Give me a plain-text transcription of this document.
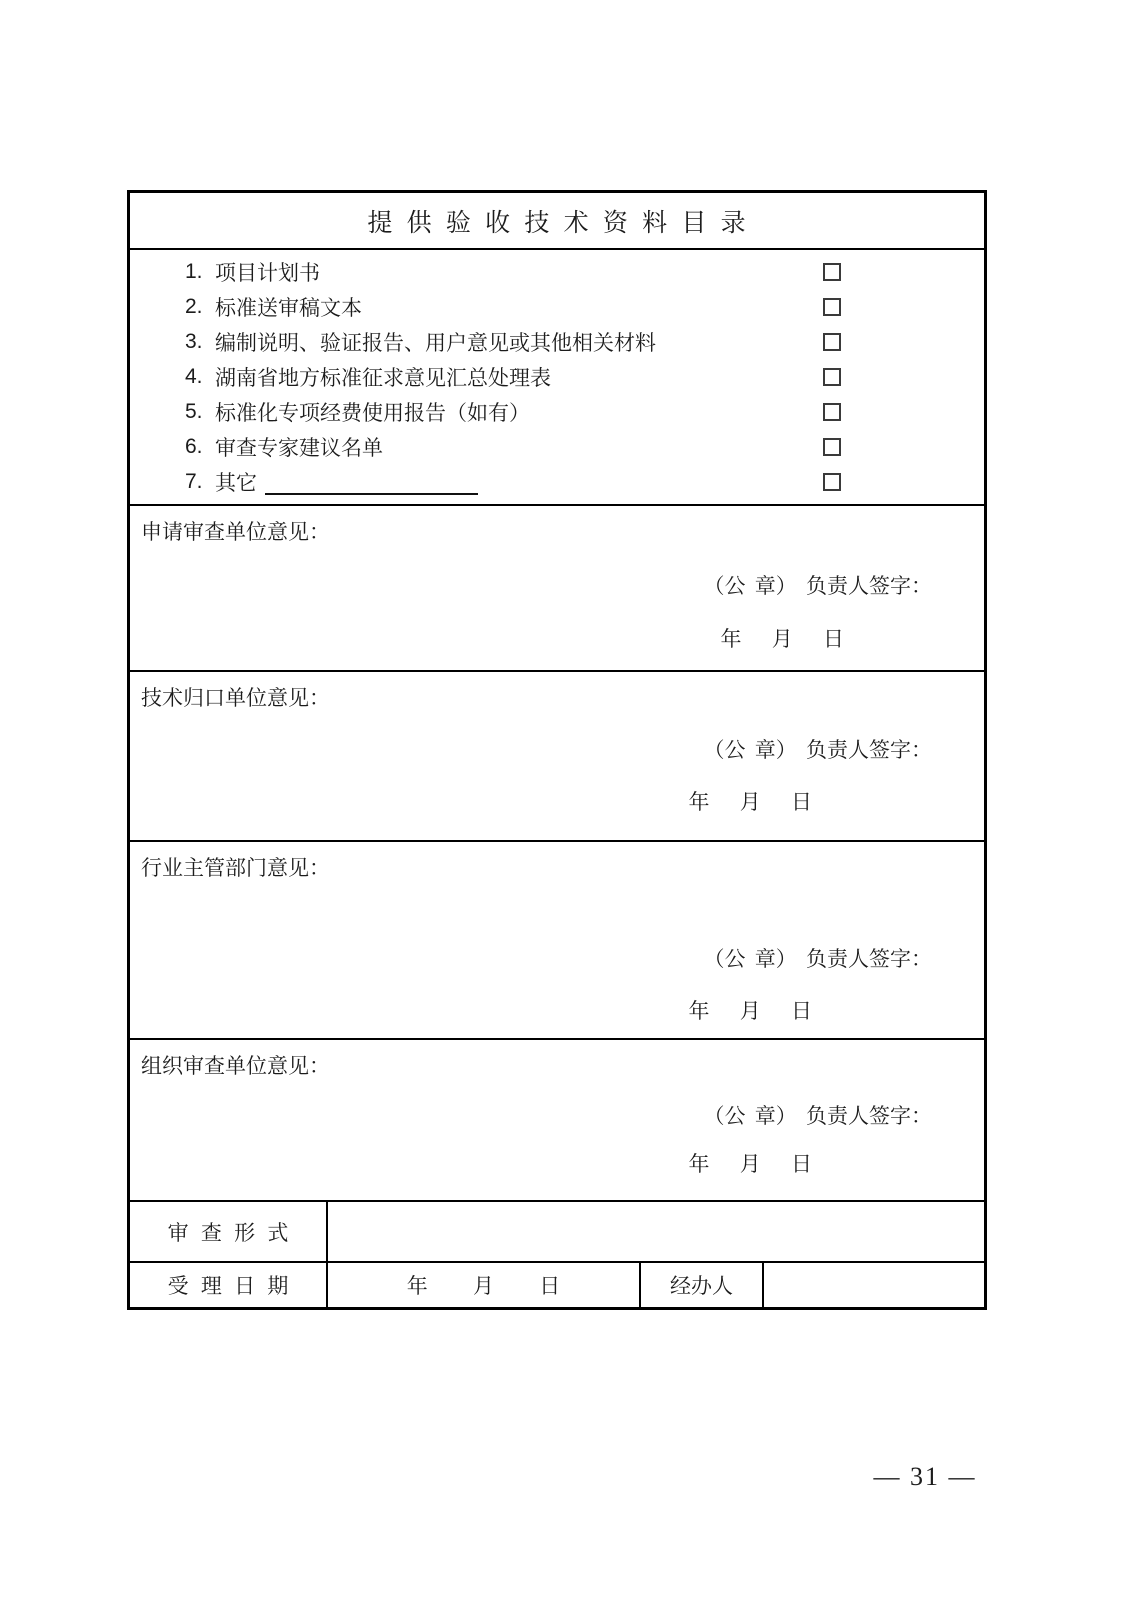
提 供 验 收 技 术 资 料 目 录
1. 项目计划书
2. 标准送审稿文本
3. 编制说明、验证报告、用户意见或其他相关材料
4. 湖南省地方标准征求意见汇总处理表
5. 标准化专项经费使用报告（如有）
6. 审查专家建议名单
7. 其它
申请审查单位意见：
（公 章） 负责人签字：
年 月 日
技术归口单位意见：
（公 章） 负责人签字：
年 月 日
行业主管部门意见：
（公 章） 负责人签字：
年 月 日
组织审查单位意见：
（公 章） 负责人签字：
年 月 日
审 查 形 式
受 理 日 期	年 月 日	经办人
— 31 —
